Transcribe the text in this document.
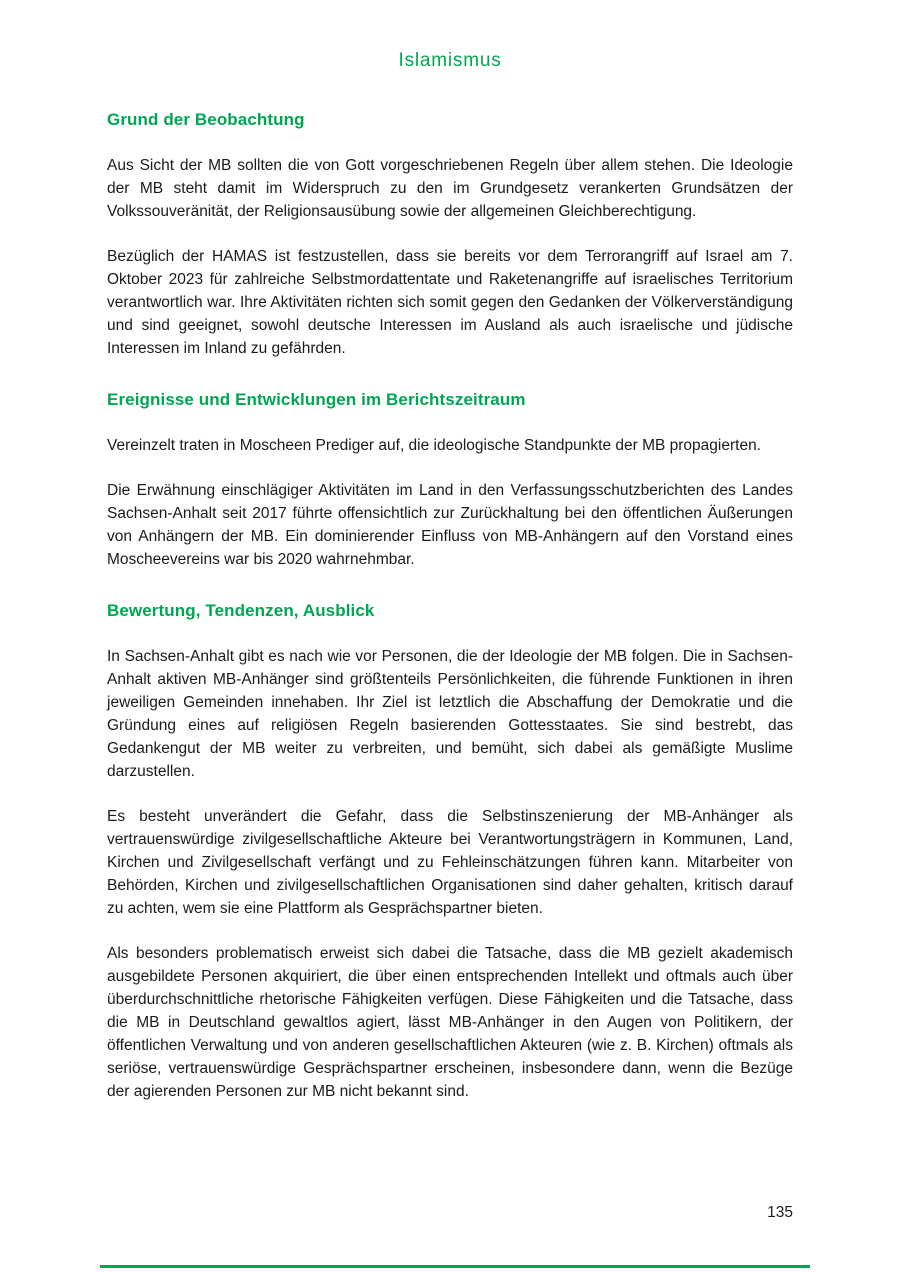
Islamismus
Grund der Beobachtung

Aus Sicht der MB sollten die von Gott vorgeschriebenen Regeln über allem stehen. Die Ideologie der MB steht damit im Widerspruch zu den im Grundgesetz verankerten Grundsätzen der Volkssouveränität, der Religionsausübung sowie der allgemeinen Gleichberechtigung.

Bezüglich der HAMAS ist festzustellen, dass sie bereits vor dem Terrorangriff auf Israel am 7. Oktober 2023 für zahlreiche Selbstmordattentate und Raketenangriffe auf israelisches Territorium verantwortlich war. Ihre Aktivitäten richten sich somit gegen den Gedanken der Völkerverständigung und sind geeignet, sowohl deutsche Interessen im Ausland als auch israelische und jüdische Interessen im Inland zu gefährden.

Ereignisse und Entwicklungen im Berichtszeitraum

Vereinzelt traten in Moscheen Prediger auf, die ideologische Standpunkte der MB propagierten.

Die Erwähnung einschlägiger Aktivitäten im Land in den Verfassungsschutzberichten des Landes Sachsen-Anhalt seit 2017 führte offensichtlich zur Zurückhaltung bei den öffentlichen Äußerungen von Anhängern der MB. Ein dominierender Einfluss von MB-Anhängern auf den Vorstand eines Moscheevereins war bis 2020 wahrnehmbar.

Bewertung, Tendenzen, Ausblick

In Sachsen-Anhalt gibt es nach wie vor Personen, die der Ideologie der MB folgen. Die in Sachsen-Anhalt aktiven MB-Anhänger sind größtenteils Persönlichkeiten, die führende Funktionen in ihren jeweiligen Gemeinden innehaben. Ihr Ziel ist letztlich die Abschaffung der Demokratie und die Gründung eines auf religiösen Regeln basierenden Gottesstaates. Sie sind bestrebt, das Gedankengut der MB weiter zu verbreiten, und bemüht, sich dabei als gemäßigte Muslime darzustellen.

Es besteht unverändert die Gefahr, dass die Selbstinszenierung der MB-Anhänger als vertrauenswürdige zivilgesellschaftliche Akteure bei Verantwortungsträgern in Kommunen, Land, Kirchen und Zivilgesellschaft verfängt und zu Fehleinschätzungen führen kann. Mitarbeiter von Behörden, Kirchen und zivilgesellschaftlichen Organisationen sind daher gehalten, kritisch darauf zu achten, wem sie eine Plattform als Gesprächspartner bieten.

Als besonders problematisch erweist sich dabei die Tatsache, dass die MB gezielt akademisch ausgebildete Personen akquiriert, die über einen entsprechenden Intellekt und oftmals auch über überdurchschnittliche rhetorische Fähigkeiten verfügen. Diese Fähigkeiten und die Tatsache, dass die MB in Deutschland gewaltlos agiert, lässt MB-Anhänger in den Augen von Politikern, der öffentlichen Verwaltung und von anderen gesellschaftlichen Akteuren (wie z. B. Kirchen) oftmals als seriöse, vertrauenswürdige Gesprächspartner erscheinen, insbesondere dann, wenn die Bezüge der agierenden Personen zur MB nicht bekannt sind.

135
